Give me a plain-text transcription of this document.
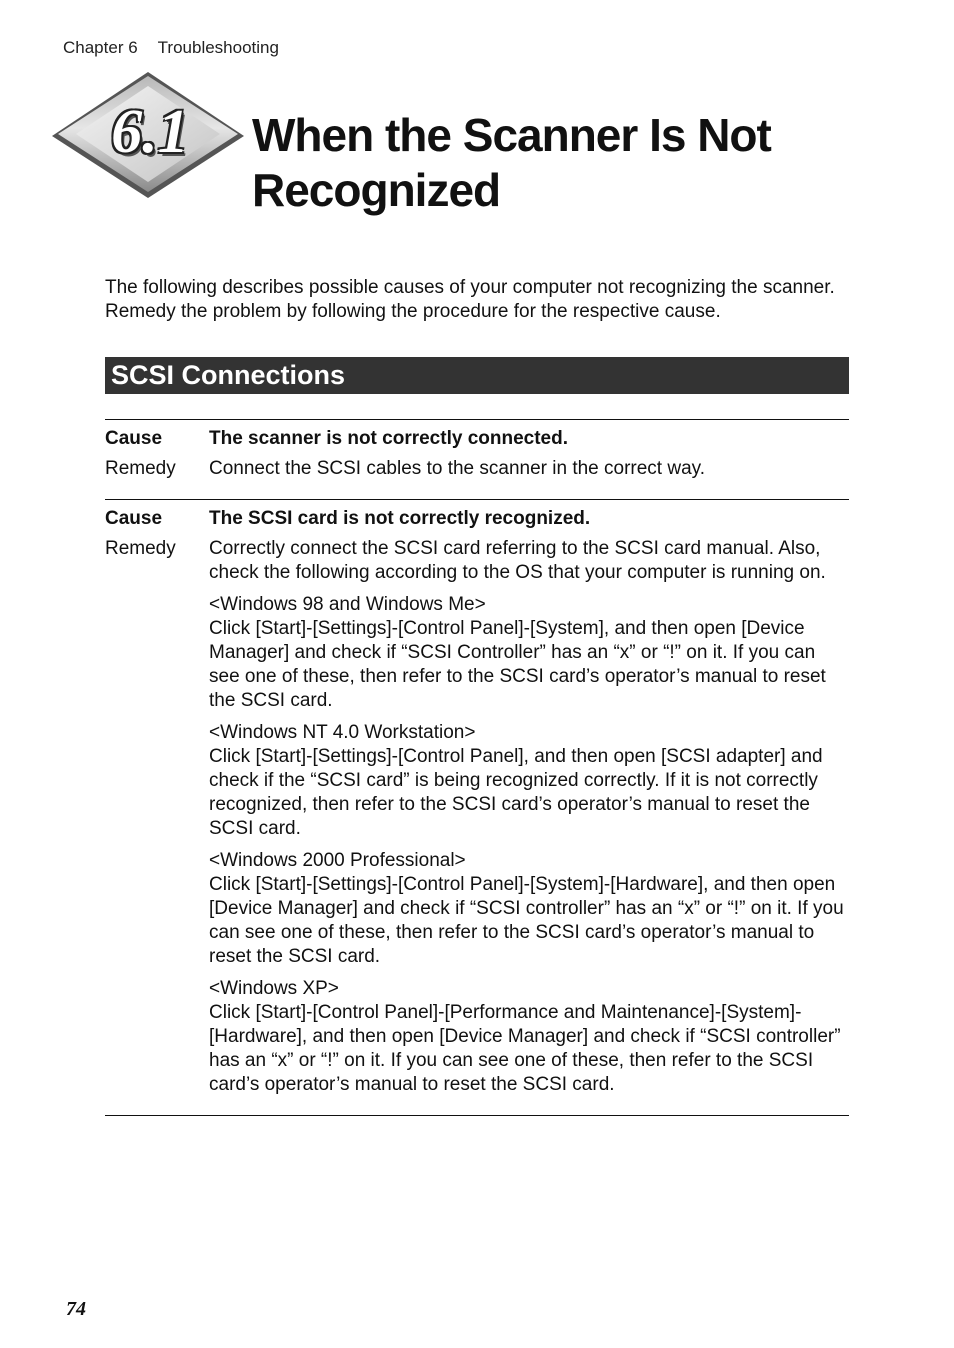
Chapter 6 Troubleshooting
6.1	When the Scanner Is Not Recognized

The following describes possible causes of your computer not recognizing the scanner. Remedy the problem by following the procedure for the respective cause.

SCSI Connections
Cause	The scanner is not correctly connected.
Remedy	Connect the SCSI cables to the scanner in the correct way.

Cause	The SCSI card is not correctly recognized.
Remedy	Correctly connect the SCSI card referring to the SCSI card manual. Also, check the following according to the OS that your computer is running on.

<Windows 98 and Windows Me>
Click [Start]-[Settings]-[Control Panel]-[System], and then open [Device Manager] and check if “SCSI Controller” has an “x” or “!” on it. If you can see one of these, then refer to the SCSI card’s operator’s manual to reset the SCSI card.

<Windows NT 4.0 Workstation>
Click [Start]-[Settings]-[Control Panel], and then open [SCSI adapter] and check if the “SCSI card” is being recognized correctly. If it is not correctly recognized, then refer to the SCSI card’s operator’s manual to reset the SCSI card.

<Windows 2000 Professional>
Click [Start]-[Settings]-[Control Panel]-[System]-[Hardware], and then open [Device Manager] and check if “SCSI controller” has an “x” or “!” on it. If you can see one of these, then refer to the SCSI card’s operator’s manual to reset the SCSI card.

<Windows XP>
Click [Start]-[Control Panel]-[Performance and Maintenance]-[System]-[Hardware], and then open [Device Manager] and check if “SCSI controller” has an “x” or “!” on it. If you can see one of these, then refer to the SCSI card’s operator’s manual to reset the SCSI card.

74
